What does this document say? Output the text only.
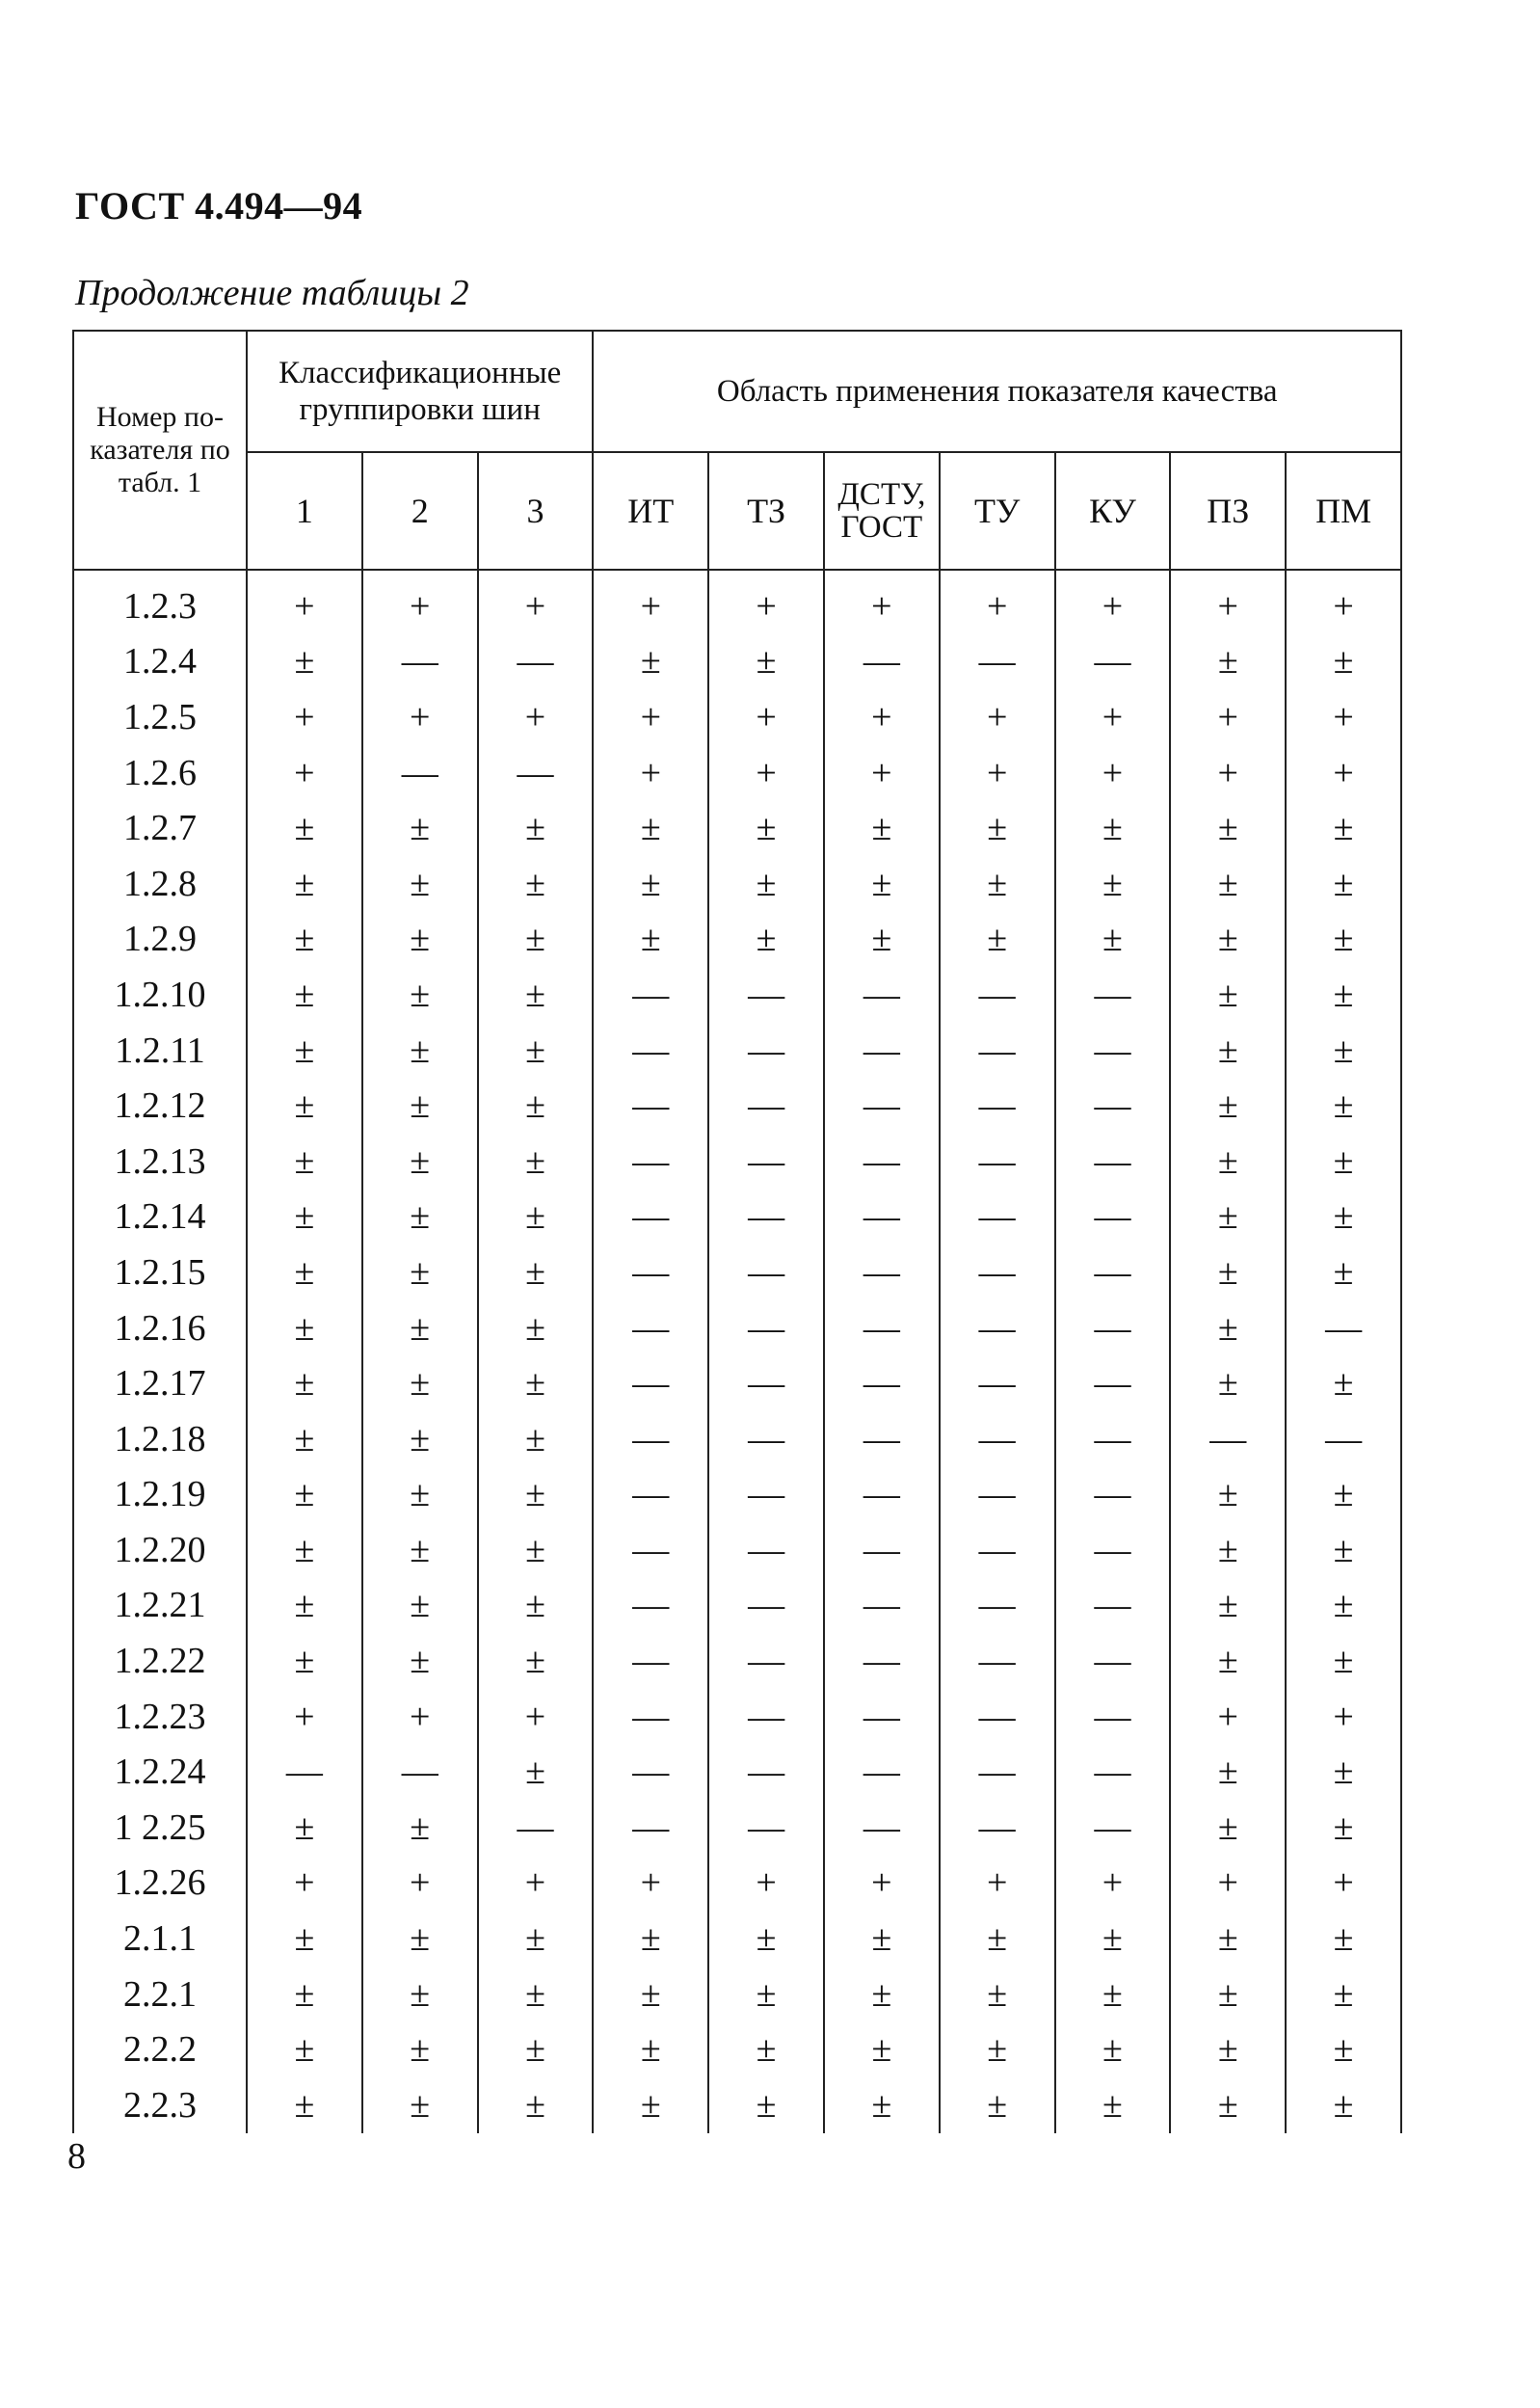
ГОСТ 4.494—94
Продолжение таблицы 2
Номер по-казателя по табл. 1	Классификационные группировки шин			Область применения показателя качества						
	1	2	3	ИТ	ТЗ	ДСТУ, ГОСТ	ТУ	КУ	ПЗ	ПМ
1.2.3	+	+	+	+	+	+	+	+	+	+
1.2.4	±	—	—	±	±	—	—	—	±	±
1.2.5	+	+	+	+	+	+	+	+	+	+
1.2.6	+	—	—	+	+	+	+	+	+	+
1.2.7	±	±	±	±	±	±	±	±	±	±
1.2.8	±	±	±	±	±	±	±	±	±	±
1.2.9	±	±	±	±	±	±	±	±	±	±
1.2.10	±	±	±	—	—	—	—	—	±	±
1.2.11	±	±	±	—	—	—	—	—	±	±
1.2.12	±	±	±	—	—	—	—	—	±	±
1.2.13	±	±	±	—	—	—	—	—	±	±
1.2.14	±	±	±	—	—	—	—	—	±	±
1.2.15	±	±	±	—	—	—	—	—	±	±
1.2.16	±	±	±	—	—	—	—	—	±	—
1.2.17	±	±	±	—	—	—	—	—	±	±
1.2.18	±	±	±	—	—	—	—	—	—	—
1.2.19	±	±	±	—	—	—	—	—	±	±
1.2.20	±	±	±	—	—	—	—	—	±	±
1.2.21	±	±	±	—	—	—	—	—	±	±
1.2.22	±	±	±	—	—	—	—	—	±	±
1.2.23	+	+	+	—	—	—	—	—	+	+
1.2.24	—	—	±	—	—	—	—	—	±	±
1 2.25	±	±	—	—	—	—	—	—	±	±
1.2.26	+	+	+	+	+	+	+	+	+	+
2.1.1	±	±	±	±	±	±	±	±	±	±
2.2.1	±	±	±	±	±	±	±	±	±	±
2.2.2	±	±	±	±	±	±	±	±	±	±
2.2.3	±	±	±	±	±	±	±	±	±	±
8
